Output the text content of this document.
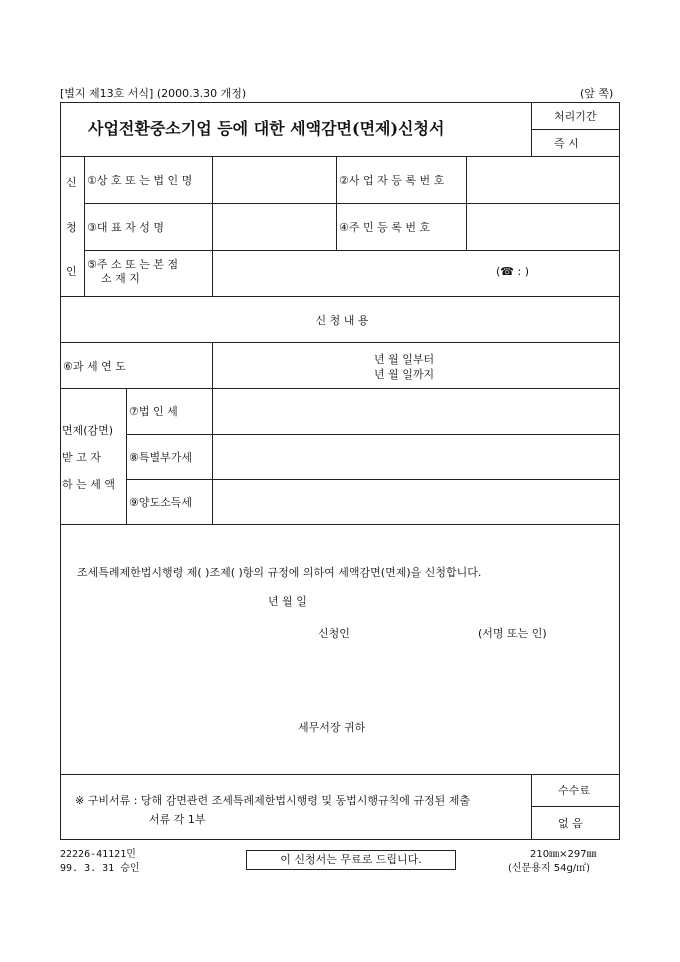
[별지 제13호 서식] (2000.3.30 개정)	(앞 쪽)
사업전환중소기업 등에 대한 세액감면(면제)신청서
처리기간
즉 시
신
청
인
①상 호 또 는 법 인 명	②사 업 자 등 록 번 호
③대 표 자 성 명	④주 민 등 록 번 호
⑤주 소 또 는 본 점
소 재 지
(☎ : )
신 청 내 용
⑥과 세 연 도
년 월 일부터
년 월 일까지
면제(감면)
받 고 자
하 는 세 액
⑦법 인 세
⑧특별부가세
⑨양도소득세
조세특례제한법시행령 제( )조제( )항의 규정에 의하여 세액감면(면제)을 신청합니다.
년 월 일
신청인	(서명 또는 인)
세무서장 귀하
※ 구비서류 : 당해 감면관련 조세특례제한법시행령 및 동법시행규칙에 규정된 제출
서류 각 1부
수수료
없 음
22226-41121민
99. 3. 31 승인
이 신청서는 무료로 드립니다.	210㎜×297㎜
(신문용지 54g/㎡)
